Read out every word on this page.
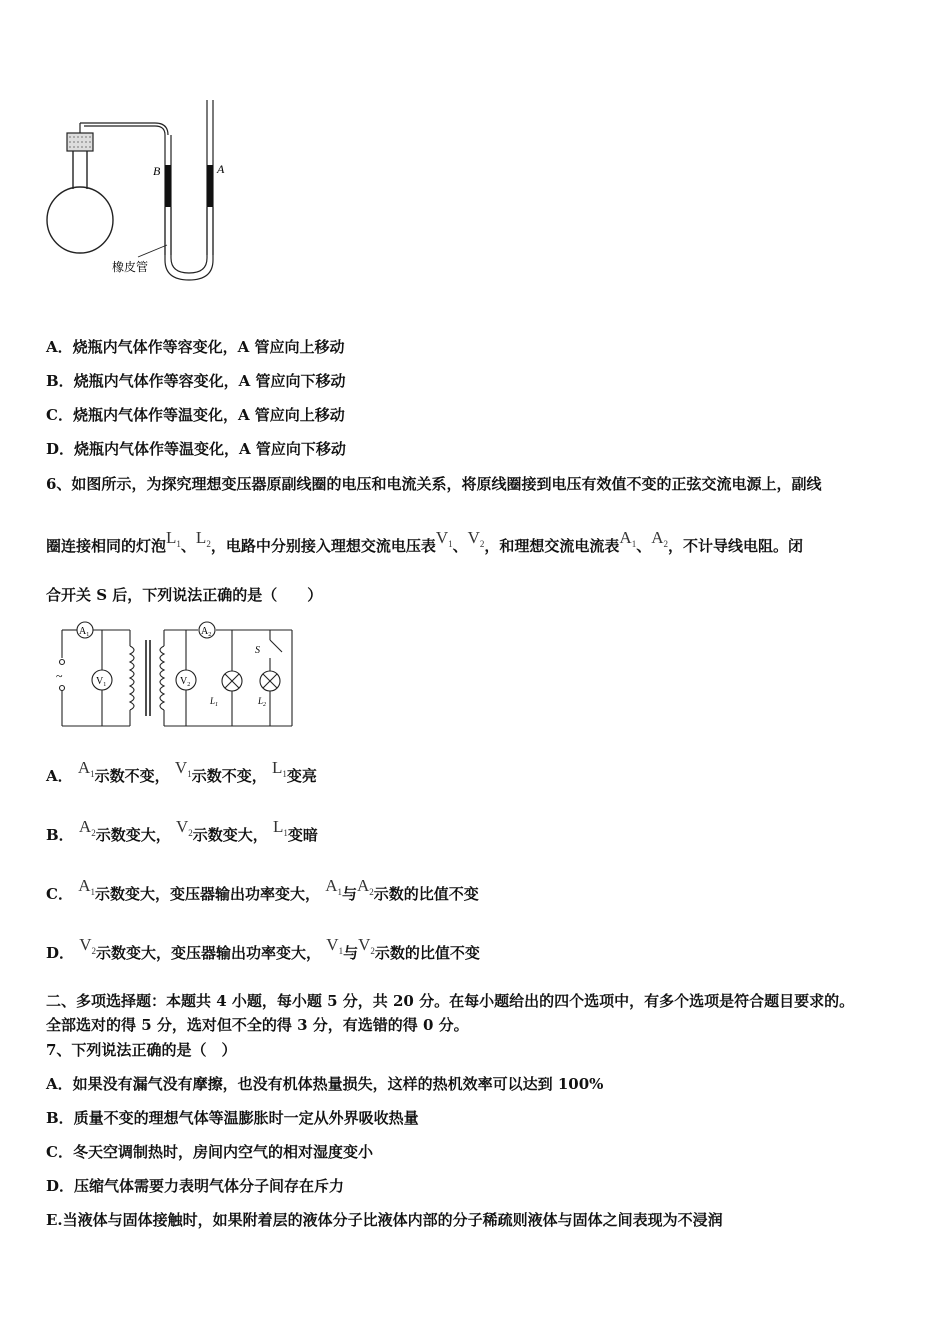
B	A
橡皮管
A．烧瓶内气体作等容变化，A 管应向上移动
B．烧瓶内气体作等容变化，A 管应向下移动
C．烧瓶内气体作等温变化，A 管应向上移动
D．烧瓶内气体作等温变化，A 管应向下移动
6、如图所示，为探究理想变压器原副线圈的电压和电流关系，将原线圈接到电压有效值不变的正弦交流电源上，副线
圈连接相同的灯泡$L_1$、$L_2$，电路中分别接入理想交流电压表$V_1$、$V_2$，和理想交流电流表$A_1$、$A_2$，不计导线电阻。闭
合开关 S 后，下列说法正确的是（　　）
$A_1$	$A_2$
$V_1$	$V_2$
S
$L_1$	$L_2$
~
A． $A_1$示数不变， $V_1$示数不变， $L_1$变亮
B． $A_2$示数变大， $V_2$示数变大， $L_1$变暗
C． $A_1$示数变大，变压器输出功率变大， $A_1$与$A_2$示数的比值不变
D． $V_2$示数变大，变压器输出功率变大， $V_1$与$V_2$示数的比值不变
二、多项选择题：本题共 4 小题，每小题 5 分，共 20 分。在每小题给出的四个选项中，有多个选项是符合题目要求的。
全部选对的得 5 分，选对但不全的得 3 分，有选错的得 0 分。
7、下列说法正确的是（　）
A．如果没有漏气没有摩擦，也没有机体热量损失，这样的热机效率可以达到 100%
B．质量不变的理想气体等温膨胀时一定从外界吸收热量
C．冬天空调制热时，房间内空气的相对湿度变小
D．压缩气体需要力表明气体分子间存在斥力
E.当液体与固体接触时，如果附着层的液体分子比液体内部的分子稀疏则液体与固体之间表现为不浸润
